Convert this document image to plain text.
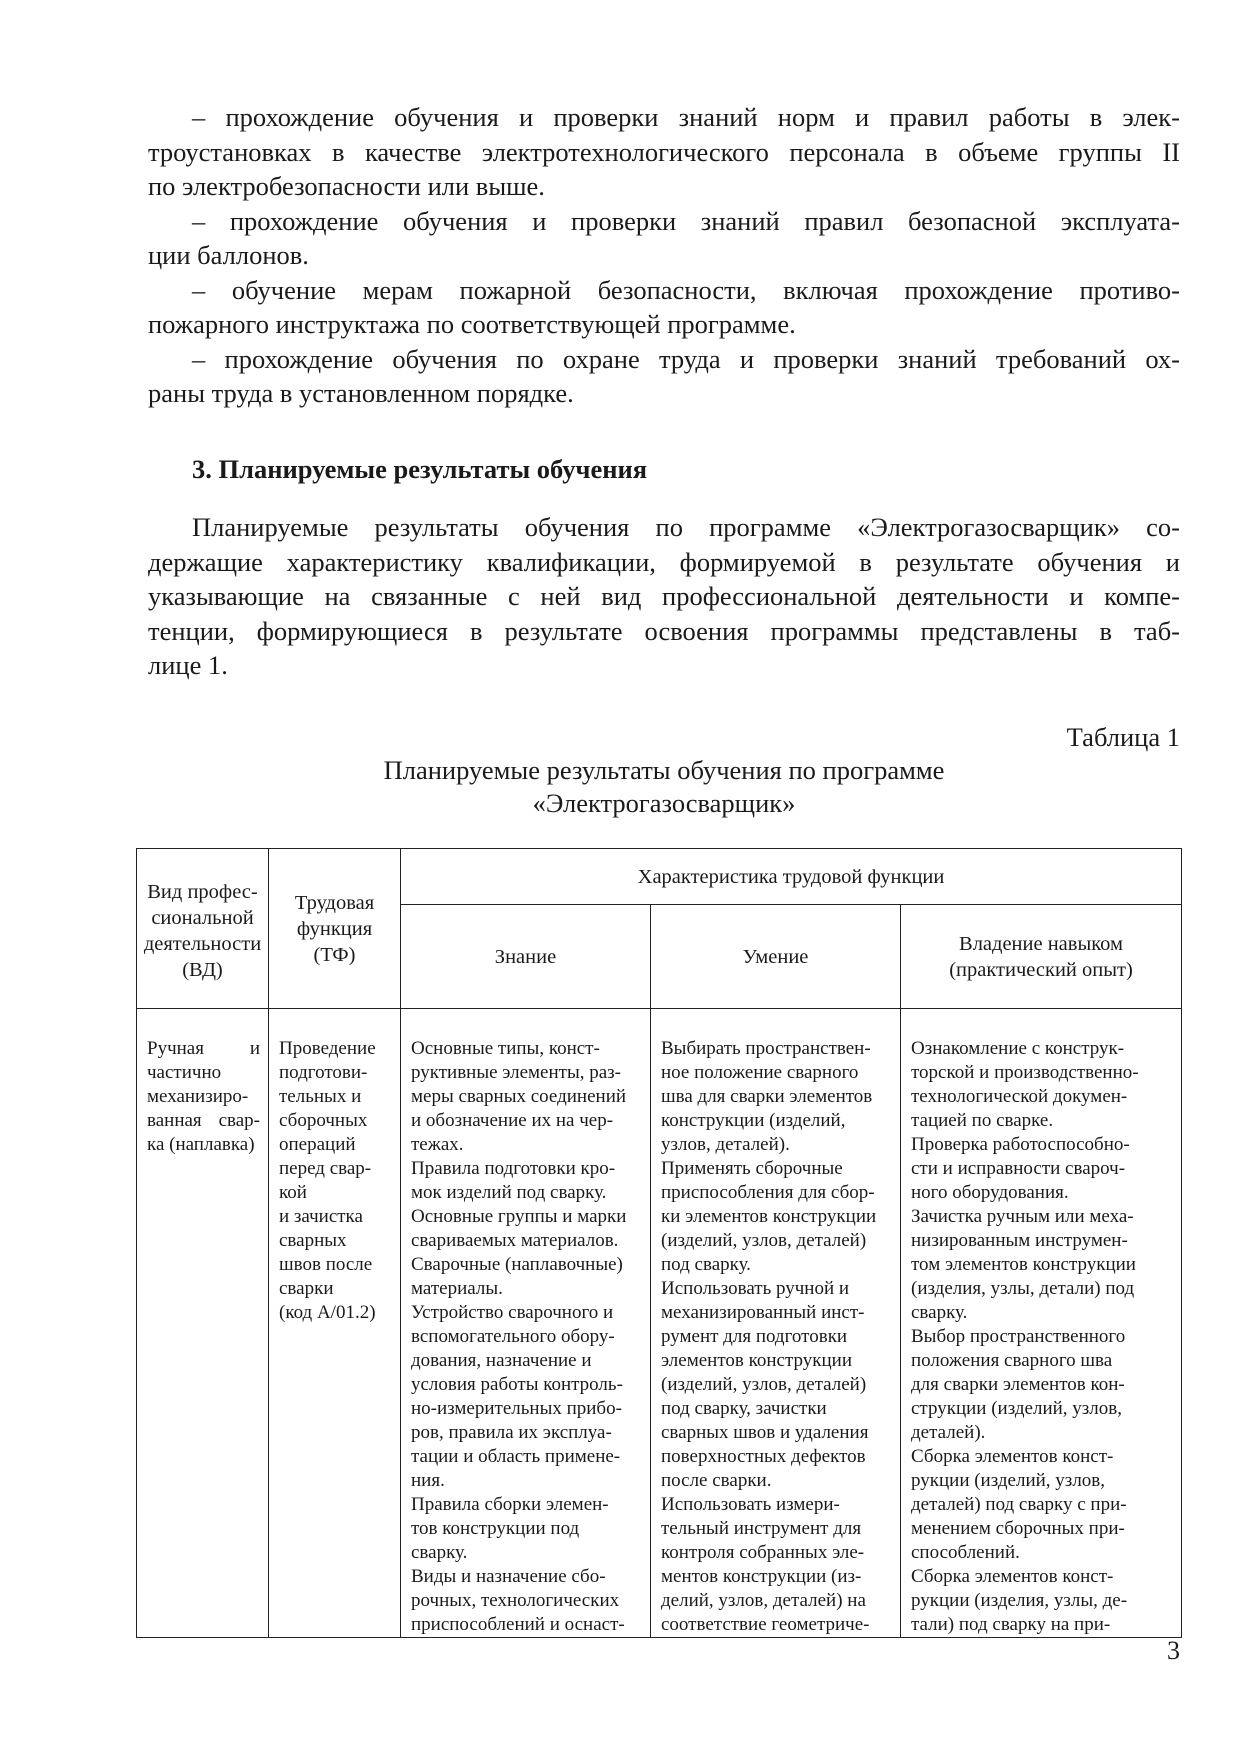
– прохождение обучения и проверки знаний норм и правил работы в элек-
троустановках в качестве электротехнологического персонала в объеме группы II
по электробезопасности или выше.
– прохождение обучения и проверки знаний правил безопасной эксплуата-
ции баллонов.
– обучение мерам пожарной безопасности, включая прохождение противо-
пожарного инструктажа по соответствующей программе.
– прохождение обучения по охране труда и проверки знаний требований ох-
раны труда в установленном порядке.
3. Планируемые результаты обучения
Планируемые результаты обучения по программе «Электрогазосварщик» со-
держащие характеристику квалификации, формируемой в результате обучения и
указывающие на связанные с ней вид профессиональной деятельности и компе-
тенции, формирующиеся в результате освоения программы представлены в таб-
лице 1.
Таблица 1
Планируемые результаты обучения по программе
«Электрогазосварщик»
Вид профес-
сиональной
деятельности
(ВД)

Трудовая
функция
(ТФ)
	Характеристика трудовой функции
		Знание	Умение	Владение навыком
(практический опыт)

Ручная и
частично
механизиро-
ванная свар-
ка (наплавка)

Проведение
подготови-
тельных и
сборочных
операций
перед свар-
кой
и зачистка
сварных
швов после
сварки
(код А/01.2)

Основные типы, конст-
руктивные элементы, раз-
меры сварных соединений
и обозначение их на чер-
тежах.
Правила подготовки кро-
мок изделий под сварку.
Основные группы и марки
свариваемых материалов.
Сварочные (наплавочные)
материалы.
Устройство сварочного и
вспомогательного обору-
дования, назначение и
условия работы контроль-
но-измерительных прибо-
ров, правила их эксплуа-
тации и область примене-
ния.
Правила сборки элемен-
тов конструкции под
сварку.
Виды и назначение сбо-
рочных, технологических
приспособлений и оснаст-

Выбирать пространствен-
ное положение сварного
шва для сварки элементов
конструкции (изделий,
узлов, деталей).
Применять сборочные
приспособления для сбор-
ки элементов конструкции
(изделий, узлов, деталей)
под сварку.
Использовать ручной и
механизированный инст-
румент для подготовки
элементов конструкции
(изделий, узлов, деталей)
под сварку, зачистки
сварных швов и удаления
поверхностных дефектов
после сварки.
Использовать измери-
тельный инструмент для
контроля собранных эле-
ментов конструкции (из-
делий, узлов, деталей) на
соответствие геометриче-

Ознакомление с конструк-
торской и производственно-
технологической докумен-
тацией по сварке.
Проверка работоспособно-
сти и исправности свароч-
ного оборудования.
Зачистка ручным или меха-
низированным инструмен-
том элементов конструкции
(изделия, узлы, детали) под
сварку.
Выбор пространственного
положения сварного шва
для сварки элементов кон-
струкции (изделий, узлов,
деталей).
Сборка элементов конст-
рукции (изделий, узлов,
деталей) под сварку с при-
менением сборочных при-
способлений.
Сборка элементов конст-
рукции (изделия, узлы, де-
тали) под сварку на при-
3
